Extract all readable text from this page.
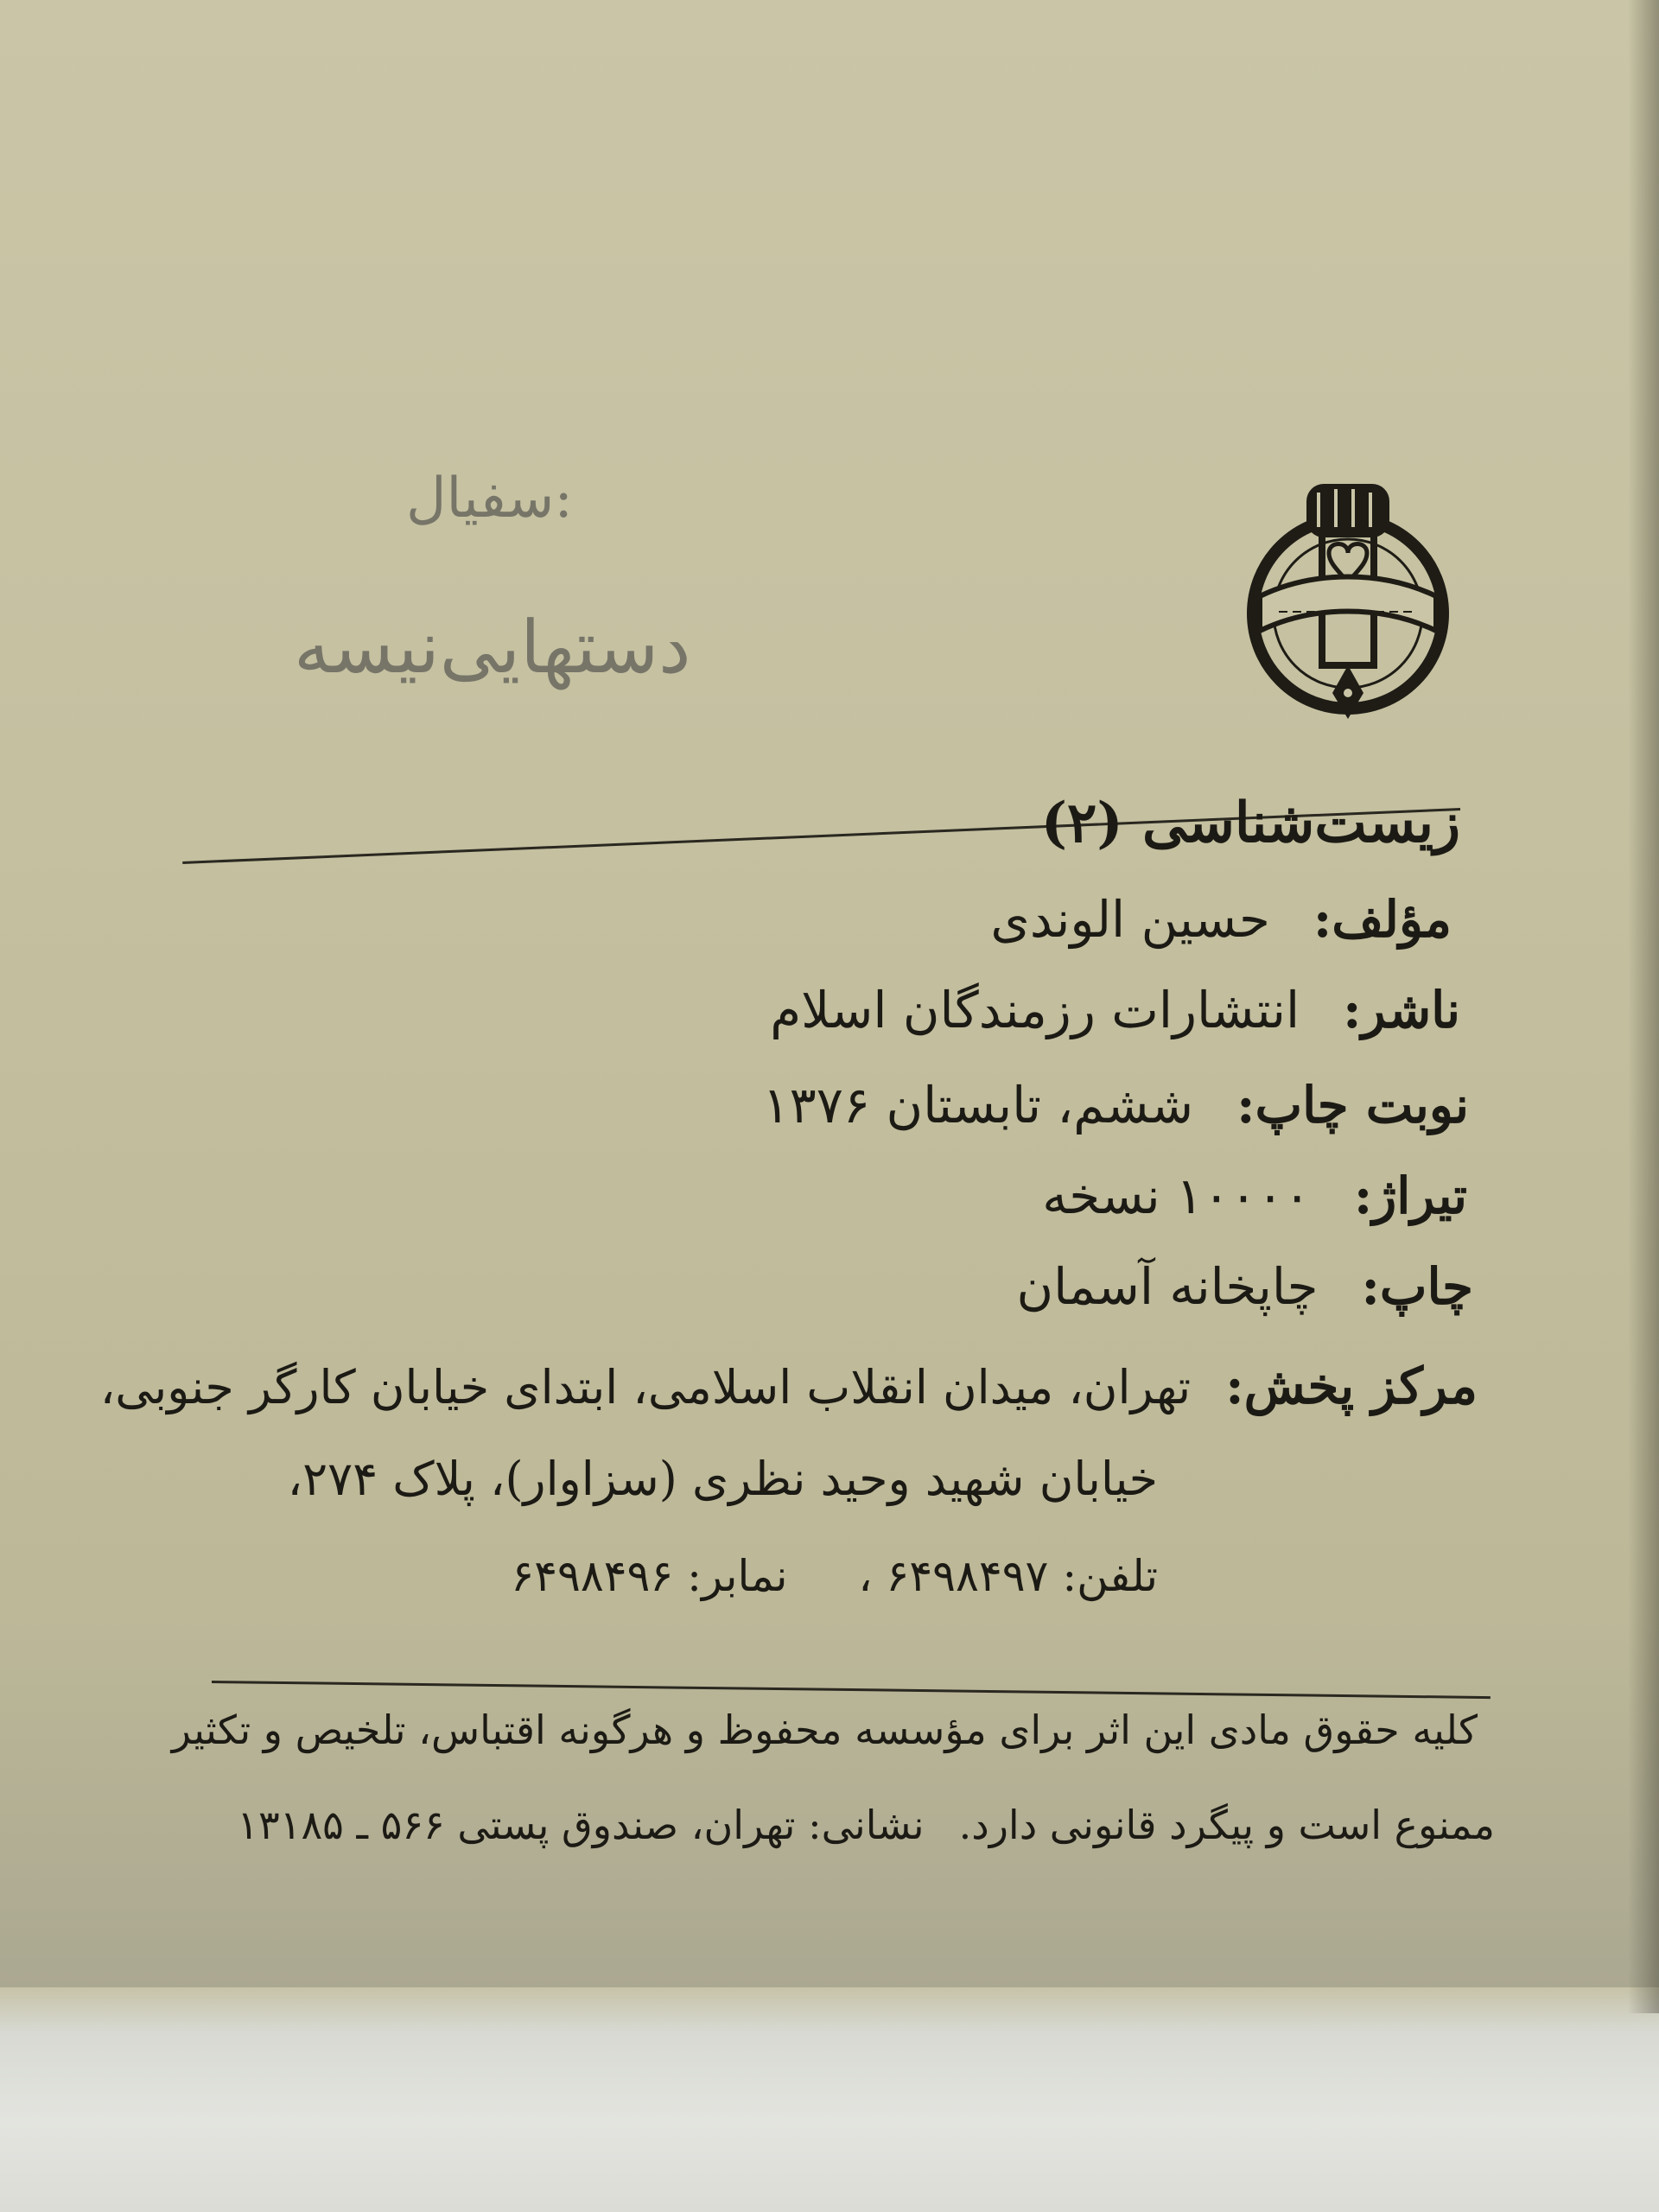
:سفیال
دستهایی‌نیسه
زیست‌شناسی (۲)
مؤلف:حسین الوندی
ناشر:انتشارات رزمندگان اسلام
نوبت چاپ:ششم، تابستان ۱۳۷۶
تیراژ:۱۰۰۰۰ نسخه
چاپ:چاپخانه آسمان
مرکز پخش:تهران، میدان انقلاب اسلامی، ابتدای خیابان کارگر جنوبی،
خیابان شهید وحید نظری (سزاوار)، پلاک ۲۷۴،
تلفن: ۶۴۹۸۴۹۷ ،  نمابر: ۶۴۹۸۴۹۶
کلیه حقوق مادی این اثر برای مؤسسه محفوظ و هرگونه اقتباس، تلخیص و تکثیر
ممنوع است و پیگرد قانونی دارد.نشانی: تهران، صندوق پستی ۵۶۶ ـ ۱۳۱۸۵
